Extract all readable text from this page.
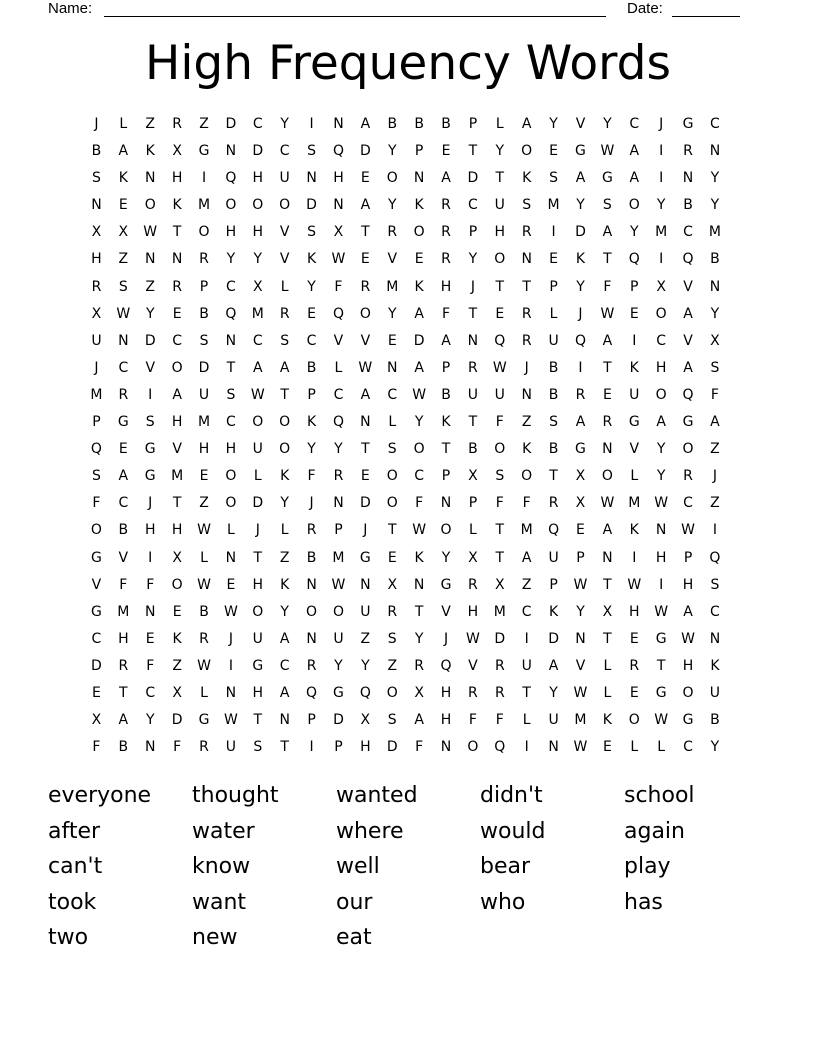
Name:	Date:
High Frequency Words
J	L	Z	R	Z	D	C	Y	I	N	A	B	B	B	P	L	A	Y	V	Y	C	J	G	C
B	A	K	X	G	N	D	C	S	Q	D	Y	P	E	T	Y	O	E	G	W	A	I	R	N
S	K	N	H	I	Q	H	U	N	H	E	O	N	A	D	T	K	S	A	G	A	I	N	Y
N	E	O	K	M	O	O	O	D	N	A	Y	K	R	C	U	S	M	Y	S	O	Y	B	Y
X	X	W	T	O	H	H	V	S	X	T	R	O	R	P	H	R	I	D	A	Y	M	C	M
H	Z	N	N	R	Y	Y	V	K	W	E	V	E	R	Y	O	N	E	K	T	Q	I	Q	B
R	S	Z	R	P	C	X	L	Y	F	R	M	K	H	J	T	T	P	Y	F	P	X	V	N
X	W	Y	E	B	Q	M	R	E	Q	O	Y	A	F	T	E	R	L	J	W	E	O	A	Y
U	N	D	C	S	N	C	S	C	V	V	E	D	A	N	Q	R	U	Q	A	I	C	V	X
J	C	V	O	D	T	A	A	B	L	W	N	A	P	R	W	J	B	I	T	K	H	A	S
M	R	I	A	U	S	W	T	P	C	A	C	W	B	U	U	N	B	R	E	U	O	Q	F
P	G	S	H	M	C	O	O	K	Q	N	L	Y	K	T	F	Z	S	A	R	G	A	G	A
Q	E	G	V	H	H	U	O	Y	Y	T	S	O	T	B	O	K	B	G	N	V	Y	O	Z
S	A	G	M	E	O	L	K	F	R	E	O	C	P	X	S	O	T	X	O	L	Y	R	J
F	C	J	T	Z	O	D	Y	J	N	D	O	F	N	P	F	F	R	X	W M W	C	Z
O	B	H	H	W	L	J	L	R	P	J	T	W	O	L	T	M	Q	E	A	K	N	W	I
G	V	I	X	L	N	T	Z	B	M	G	E	K	Y	X	T	A	U	P	N	I	H	P	Q
V	F	F	O	W	E	H	K	N	W	N	X	N	G	R	X	Z	P	W	T	W	I	H	S
G	M	N	E	B	W	O	Y	O	O	U	R	T	V	H	M	C	K	Y	X	H	W	A	C
C	H	E	K	R	J	U	A	N	U	Z	S	Y	J	W	D	I	D	N	T	E	G	W	N
D	R	F	Z	W	I	G	C	R	Y	Y	Z	R	Q	V	R	U	A	V	L	R	T	H	K
E	T	C	X	L	N	H	A	Q	G	Q	O	X	H	R	R	T	Y	W	L	E	G	O	U
X	A	Y	D	G	W	T	N	P	D	X	S	A	H	F	F	L	U	M	K	O	W	G	B
F	B	N	F	R	U	S	T	I	P	H	D	F	N	O	Q	I	N	W	E	L	L	C	Y
everyone	thought	wanted	didn't	school
after	water	where	would	again
can't	know	well	bear	play
took	want	our	who	has
two	new	eat
